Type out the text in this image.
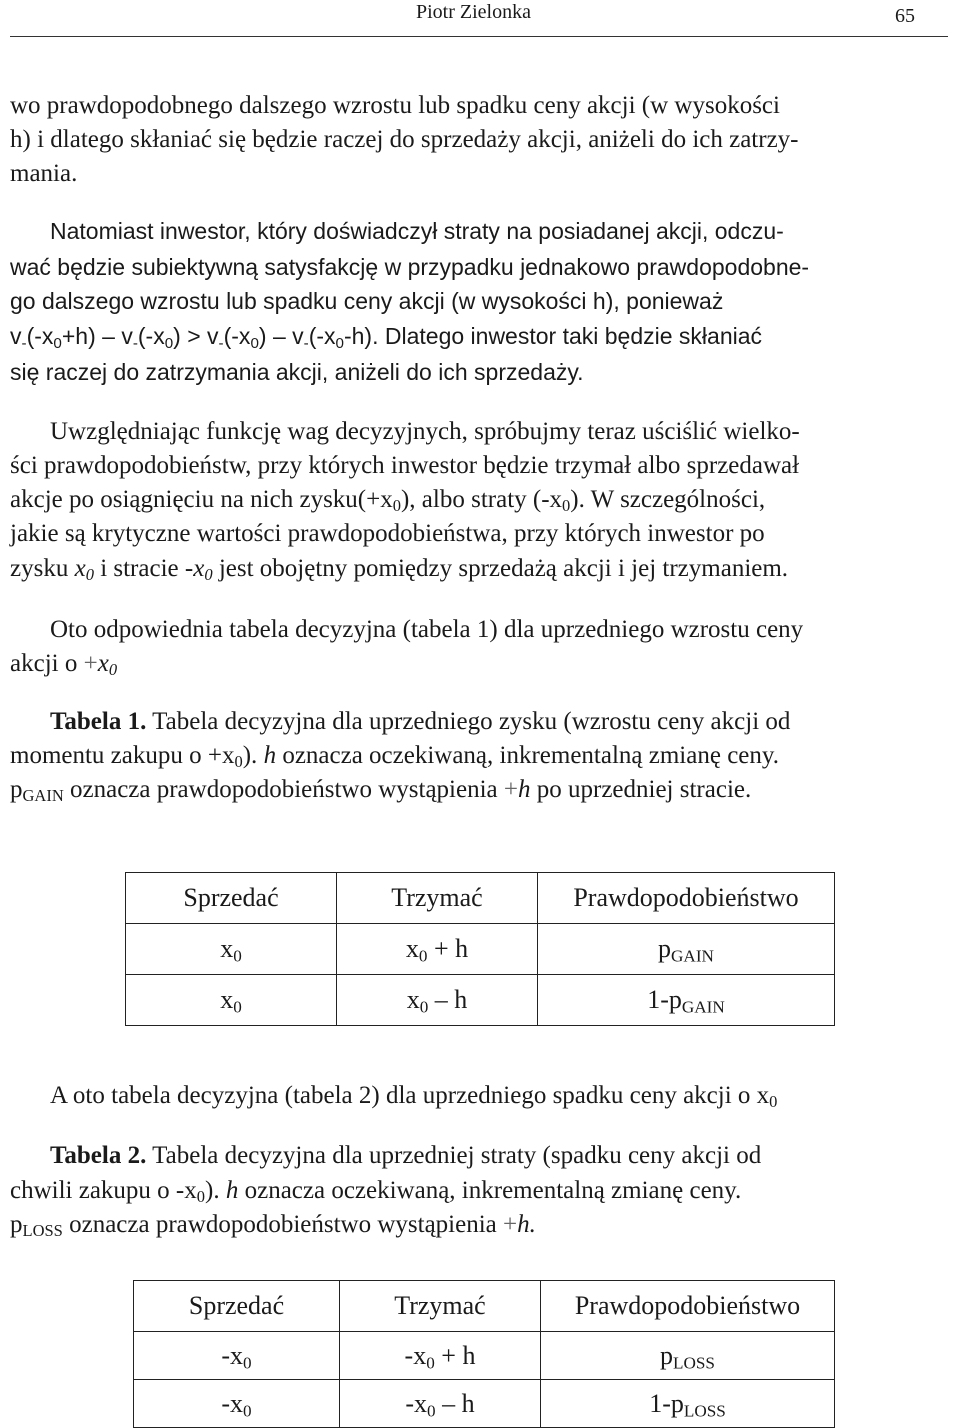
Piotr Zielonka	65
wo prawdopodobnego dalszego wzrostu lub spadku ceny akcji (w wysokości
h) i dlatego skłaniać się będzie raczej do sprzedaży akcji, aniżeli do ich zatrzy-
mania.
Natomiast inwestor, który doświadczył straty na posiadanej akcji, odczu-
wać będzie subiektywną satysfakcję w przypadku jednakowo prawdopodobne-
go dalszego wzrostu lub spadku ceny akcji (w wysokości h), ponieważ
$v_-(-x_0+h) - v_-(-x_0) > v_-(-x_0) - v_-(-x_0-h)$. Dlatego inwestor taki będzie skłaniać
się raczej do zatrzymania akcji, aniżeli do ich sprzedaży.
Uwzględniając funkcję wag decyzyjnych, spróbujmy teraz uściślić wielko-
ści prawdopodobieństw, przy których inwestor będzie trzymał albo sprzedawał
akcje po osiągnięciu na nich $zysku(+x_0)$, albo straty $(-x_0)$. W szczególności,
jakie są krytyczne wartości prawdopodobieństwa, przy których inwestor po
zysku $x_0$ i stracie $-x_0$ jest obojętny pomiędzy sprzedażą akcji i jej trzymaniem.
Oto odpowiednia tabela decyzyjna (tabela 1) dla uprzedniego wzrostu ceny
akcji $o +x_0$
Tabela 1. Tabela decyzyjna dla uprzedniego zysku (wzrostu ceny akcji od
momentu zakupu $o +x_0$). h oznacza oczekiwaną, inkrementalną zmianę ceny.
$p_{GAIN}$ oznacza prawdopodobieństwo wystąpienia +h po uprzedniej stracie.
Sprzedać	Trzymać	Prawdopodobieństwo
$x_0$	$x_0 + h$	$p_{GAIN}$
$x_0$	$x_0$ – h	$1-p_{GAIN}$
A oto tabela decyzyjna (tabela 2) dla uprzedniego spadku ceny akcji o $x_0$
Tabela 2. Tabela decyzyjna dla uprzedniej straty (spadku ceny akcji od
chwili zakupu o $-x_0$). h oznacza oczekiwaną, inkrementalną zmianę ceny.
$p_{LOSS}$ oznacza prawdopodobieństwo wystąpienia +h.
Sprzedać	Trzymać	Prawdopodobieństwo
$-x_0$	$-x_0 + h$	$p_{LOSS}$
$-x_0$	$-x_0$ – h	$1-p_{LOSS}$
